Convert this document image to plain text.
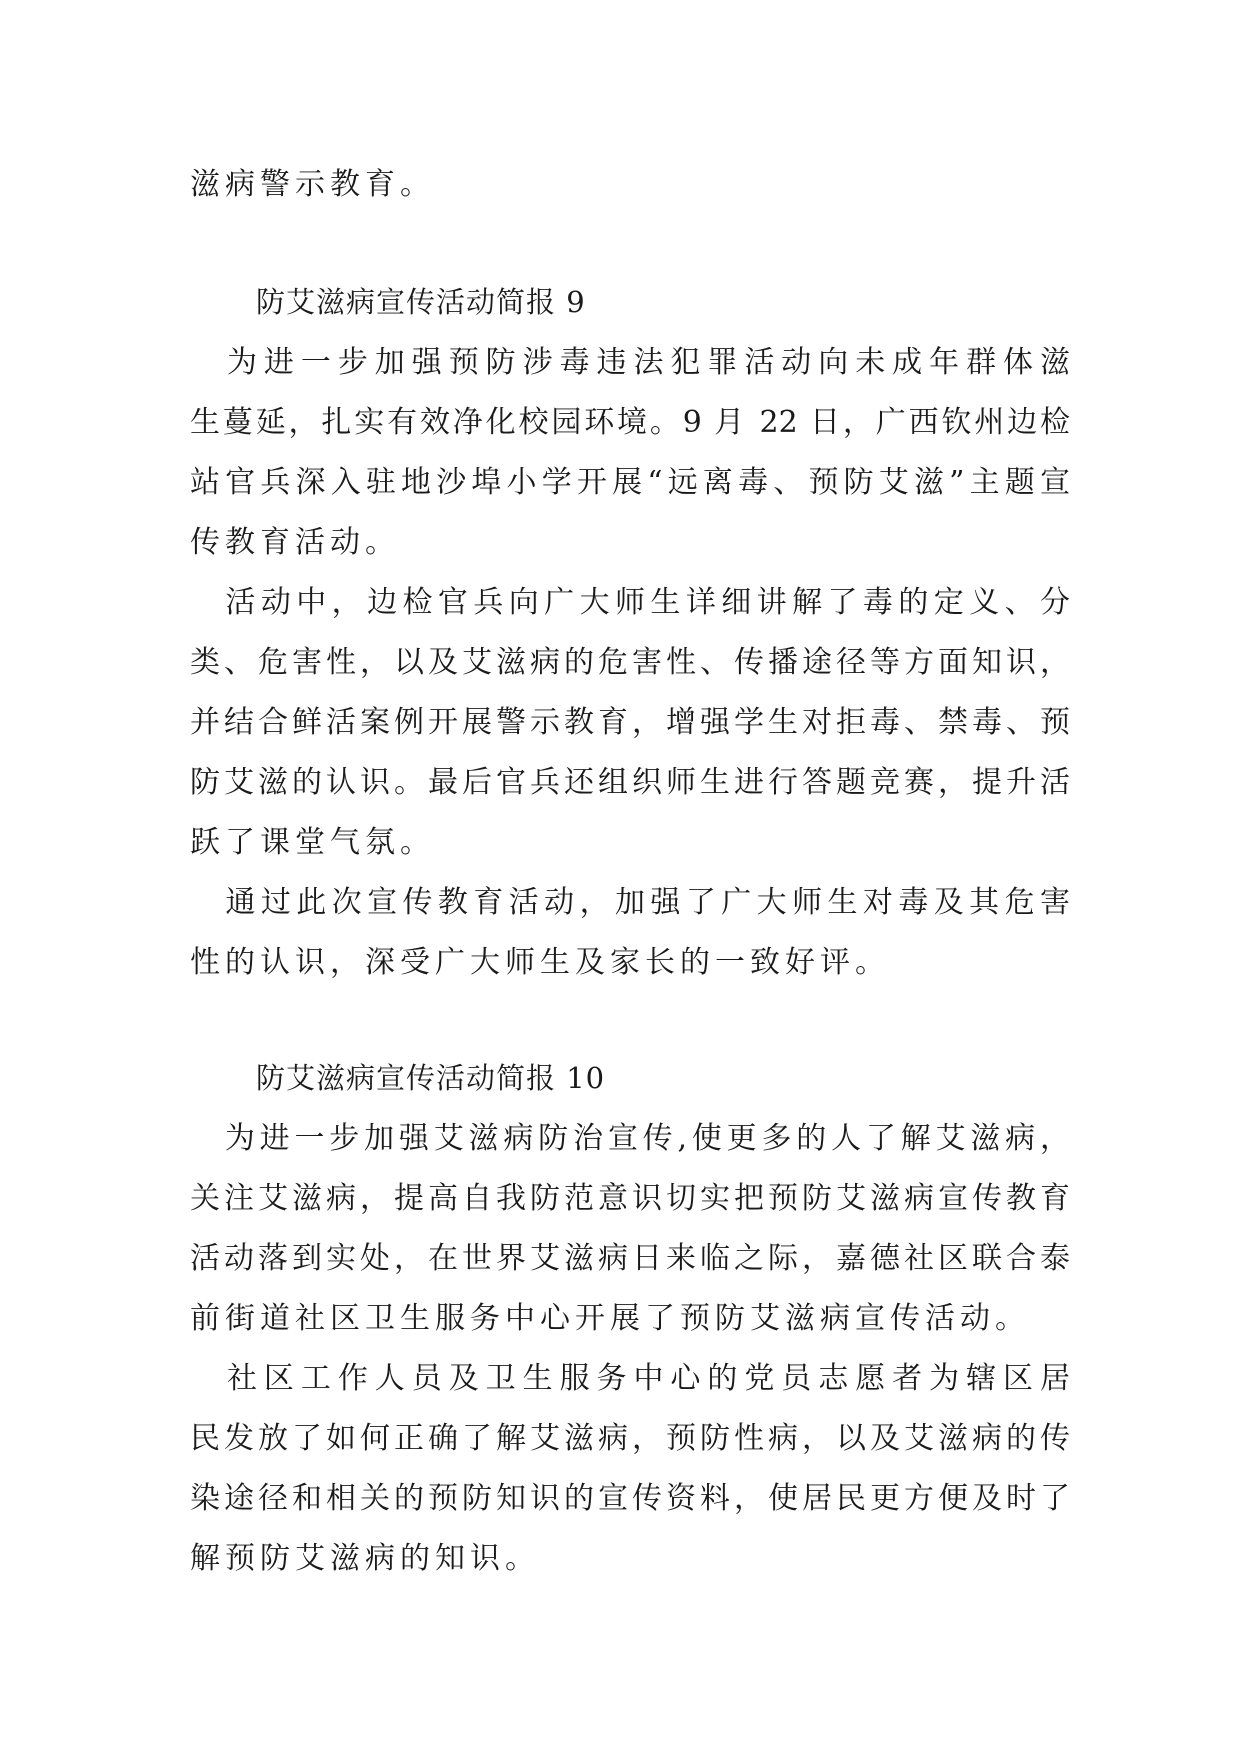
滋病警示教育。
防艾滋病宣传活动简报 9
　为进一步加强预防涉毒违法犯罪活动向未成年群体滋
生蔓延，扎实有效净化校园环境。9 月 22 日，广西钦州边检
站官兵深入驻地沙埠小学开展“远离毒、预防艾滋”主题宣
传教育活动。
　活动中，边检官兵向广大师生详细讲解了毒的定义、分
类、危害性，以及艾滋病的危害性、传播途径等方面知识，
并结合鲜活案例开展警示教育，增强学生对拒毒、禁毒、预
防艾滋的认识。最后官兵还组织师生进行答题竞赛，提升活
跃了课堂气氛。
　通过此次宣传教育活动，加强了广大师生对毒及其危害
性的认识，深受广大师生及家长的一致好评。
防艾滋病宣传活动简报 10
　为进一步加强艾滋病防治宣传,使更多的人了解艾滋病，
关注艾滋病，提高自我防范意识切实把预防艾滋病宣传教育
活动落到实处，在世界艾滋病日来临之际，嘉德社区联合泰
前街道社区卫生服务中心开展了预防艾滋病宣传活动。
　社区工作人员及卫生服务中心的党员志愿者为辖区居
民发放了如何正确了解艾滋病，预防性病，以及艾滋病的传
染途径和相关的预防知识的宣传资料，使居民更方便及时了
解预防艾滋病的知识。
